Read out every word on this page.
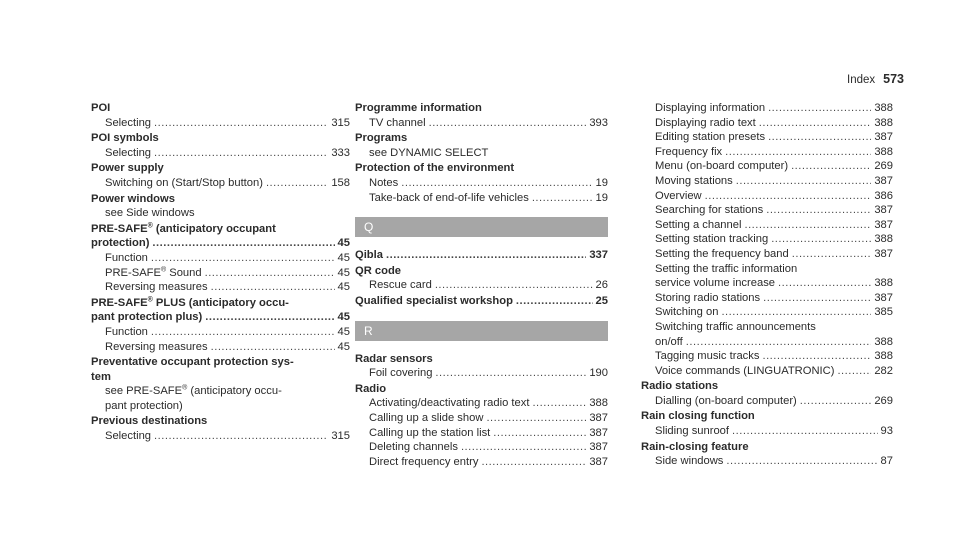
Index 573
POI
Selecting .....	315
POI symbols
Selecting .....	333
Power supply
Switching on (Start/Stop button) .....	158
Power windows
see Side windows
PRE-SAFE® (anticipatory occupant
protection) .....	45
Function .....	45
PRE-SAFE® Sound .....	45
Reversing measures .....	45
PRE-SAFE® PLUS (anticipatory occu-
pant protection plus) .....	45
Function .....	45
Reversing measures .....	45
Preventative occupant protection sys-
tem
see PRE-SAFE® (anticipatory occu-
pant protection)
Previous destinations
Selecting .....	315
Programme information
TV channel .....	393
Programs
see DYNAMIC SELECT
Protection of the environment
Notes .....	19
Take-back of end-of-life vehicles .....	19
Q
Qibla .....	337
QR code
Rescue card .....	26
Qualified specialist workshop .....	25
R
Radar sensors
Foil covering .....	190
Radio
Activating/deactivating radio text .....	388
Calling up a slide show .....	387
Calling up the station list .....	387
Deleting channels .....	387
Direct frequency entry .....	387
Displaying information .....	388
Displaying radio text .....	388
Editing station presets .....	387
Frequency fix .....	388
Menu (on-board computer) .....	269
Moving stations .....	387
Overview .....	386
Searching for stations .....	387
Setting a channel .....	387
Setting station tracking .....	388
Setting the frequency band .....	387
Setting the traffic information
service volume increase .....	388
Storing radio stations .....	387
Switching on .....	385
Switching traffic announcements
on/off .....	388
Tagging music tracks .....	388
Voice commands (LINGUATRONIC) .....	282
Radio stations
Dialling (on-board computer) .....	269
Rain closing function
Sliding sunroof .....	93
Rain-closing feature
Side windows .....	87
